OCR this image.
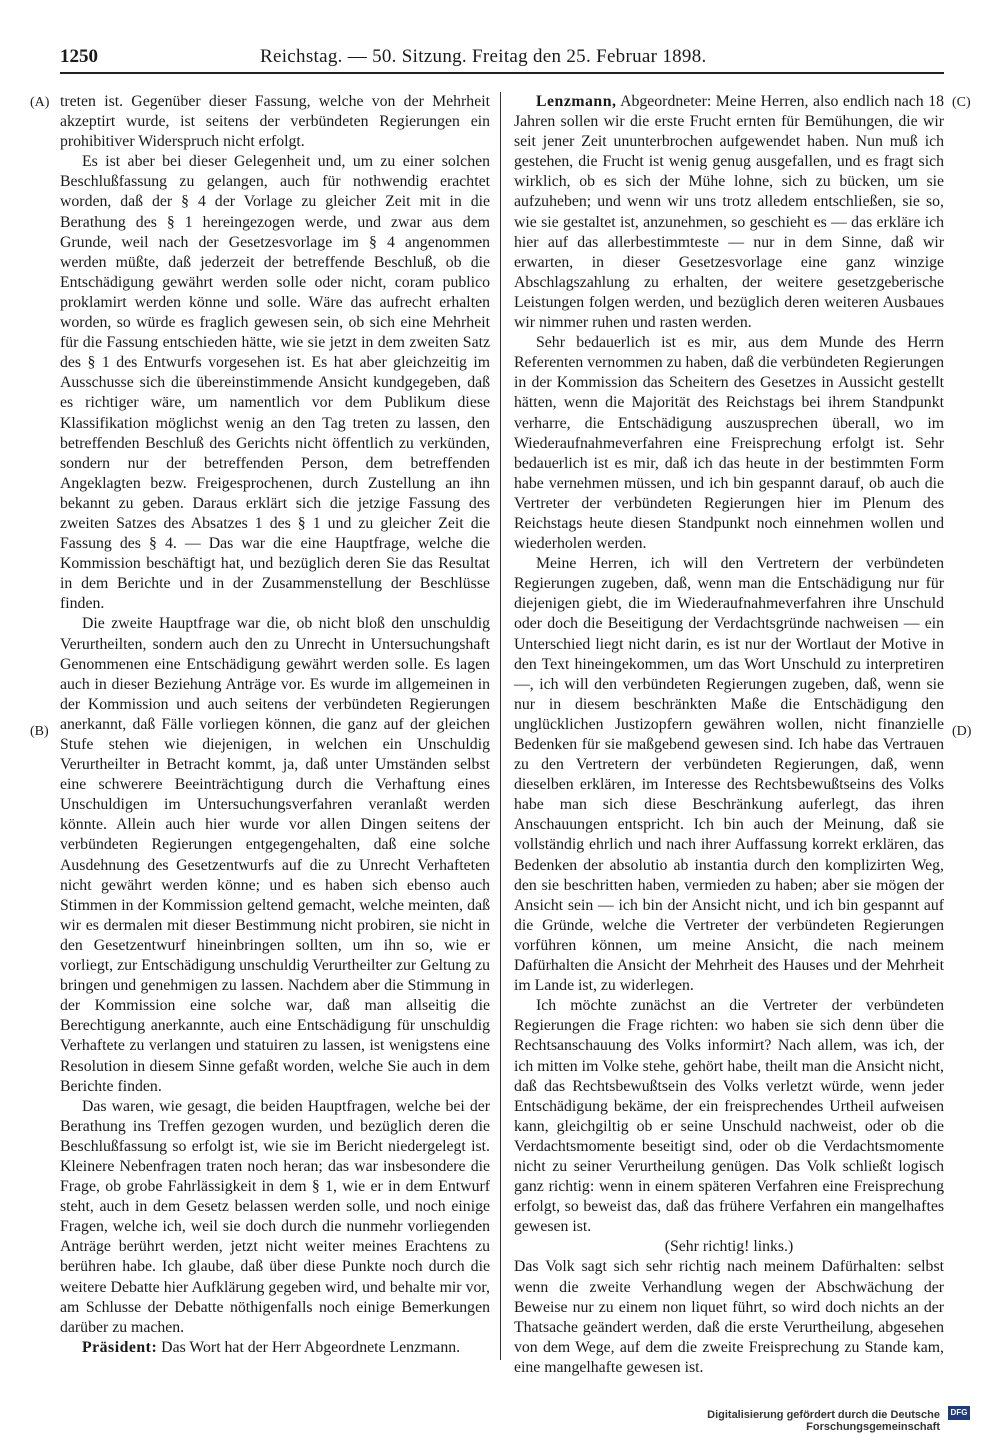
1250	Reichstag. — 50. Sitzung. Freitag den 25. Februar 1898.
(A)
(B)
(C)
(D)

treten ist. Gegenüber dieser Fassung, welche von der Mehrheit akzeptirt wurde, ist seitens der verbündeten Regierungen ein prohibitiver Widerspruch nicht erfolgt.

Es ist aber bei dieser Gelegenheit und, um zu einer solchen Beschlußfassung zu gelangen, auch für nothwendig erachtet worden, daß der § 4 der Vorlage zu gleicher Zeit mit in die Berathung des § 1 hereingezogen werde, und zwar aus dem Grunde, weil nach der Gesetzesvorlage im § 4 angenommen werden müßte, daß jederzeit der betreffende Beschluß, ob die Entschädigung gewährt werden solle oder nicht, coram publico proklamirt werden könne und solle. Wäre das aufrecht erhalten worden, so würde es fraglich gewesen sein, ob sich eine Mehrheit für die Fassung entschieden hätte, wie sie jetzt in dem zweiten Satz des § 1 des Entwurfs vorgesehen ist. Es hat aber gleichzeitig im Ausschusse sich die übereinstimmende Ansicht kundgegeben, daß es richtiger wäre, um namentlich vor dem Publikum diese Klassifikation möglichst wenig an den Tag treten zu lassen, den betreffenden Beschluß des Gerichts nicht öffentlich zu verkünden, sondern nur der betreffenden Person, dem betreffenden Angeklagten bezw. Freigesprochenen, durch Zustellung an ihn bekannt zu geben. Daraus erklärt sich die jetzige Fassung des zweiten Satzes des Absatzes 1 des § 1 und zu gleicher Zeit die Fassung des § 4. — Das war die eine Hauptfrage, welche die Kommission beschäftigt hat, und bezüglich deren Sie das Resultat in dem Berichte und in der Zusammenstellung der Beschlüsse finden.

Die zweite Hauptfrage war die, ob nicht bloß den unschuldig Verurtheilten, sondern auch den zu Unrecht in Untersuchungshaft Genommenen eine Entschädigung gewährt werden solle. Es lagen auch in dieser Beziehung Anträge vor. Es wurde im allgemeinen in der Kommission und auch seitens der verbündeten Regierungen anerkannt, daß Fälle vorliegen können, die ganz auf der gleichen Stufe stehen wie diejenigen, in welchen ein Unschuldig Verurtheilter in Betracht kommt, ja, daß unter Umständen selbst eine schwerere Beeinträchtigung durch die Verhaftung eines Unschuldigen im Untersuchungsverfahren veranlaßt werden könnte. Allein auch hier wurde vor allen Dingen seitens der verbündeten Regierungen entgegengehalten, daß eine solche Ausdehnung des Gesetzentwurfs auf die zu Unrecht Verhafteten nicht gewährt werden könne; und es haben sich ebenso auch Stimmen in der Kommission geltend gemacht, welche meinten, daß wir es dermalen mit dieser Bestimmung nicht probiren, sie nicht in den Gesetzentwurf hineinbringen sollten, um ihn so, wie er vorliegt, zur Entschädigung unschuldig Verurtheilter zur Geltung zu bringen und genehmigen zu lassen. Nachdem aber die Stimmung in der Kommission eine solche war, daß man allseitig die Berechtigung anerkannte, auch eine Entschädigung für unschuldig Verhaftete zu verlangen und statuiren zu lassen, ist wenigstens eine Resolution in diesem Sinne gefaßt worden, welche Sie auch in dem Berichte finden.

Das waren, wie gesagt, die beiden Hauptfragen, welche bei der Berathung ins Treffen gezogen wurden, und bezüglich deren die Beschlußfassung so erfolgt ist, wie sie im Bericht niedergelegt ist. Kleinere Nebenfragen traten noch heran; das war insbesondere die Frage, ob grobe Fahrlässigkeit in dem § 1, wie er in dem Entwurf steht, auch in dem Gesetz belassen werden solle, und noch einige Fragen, welche ich, weil sie doch durch die nunmehr vorliegenden Anträge berührt werden, jetzt nicht weiter meines Erachtens zu berühren habe. Ich glaube, daß über diese Punkte noch durch die weitere Debatte hier Aufklärung gegeben wird, und behalte mir vor, am Schlusse der Debatte nöthigenfalls noch einige Bemerkungen darüber zu machen.

Präsident: Das Wort hat der Herr Abgeordnete Lenzmann.

Lenzmann, Abgeordneter: Meine Herren, also endlich nach 18 Jahren sollen wir die erste Frucht ernten für Bemühungen, die wir seit jener Zeit ununterbrochen aufgewendet haben. Nun muß ich gestehen, die Frucht ist wenig genug ausgefallen, und es fragt sich wirklich, ob es sich der Mühe lohne, sich zu bücken, um sie aufzuheben; und wenn wir uns trotz alledem entschließen, sie so, wie sie gestaltet ist, anzunehmen, so geschieht es — das erkläre ich hier auf das allerbestimmteste — nur in dem Sinne, daß wir erwarten, in dieser Gesetzesvorlage eine ganz winzige Abschlagszahlung zu erhalten, der weitere gesetzgeberische Leistungen folgen werden, und bezüglich deren weiteren Ausbaues wir nimmer ruhen und rasten werden.

Sehr bedauerlich ist es mir, aus dem Munde des Herrn Referenten vernommen zu haben, daß die verbündeten Regierungen in der Kommission das Scheitern des Gesetzes in Aussicht gestellt hätten, wenn die Majorität des Reichstags bei ihrem Standpunkt verharre, die Entschädigung auszusprechen überall, wo im Wiederaufnahmeverfahren eine Freisprechung erfolgt ist. Sehr bedauerlich ist es mir, daß ich das heute in der bestimmten Form habe vernehmen müssen, und ich bin gespannt darauf, ob auch die Vertreter der verbündeten Regierungen hier im Plenum des Reichstags heute diesen Standpunkt noch einnehmen wollen und wiederholen werden.

Meine Herren, ich will den Vertretern der verbündeten Regierungen zugeben, daß, wenn man die Entschädigung nur für diejenigen giebt, die im Wiederaufnahmeverfahren ihre Unschuld oder doch die Beseitigung der Verdachtsgründe nachweisen — ein Unterschied liegt nicht darin, es ist nur der Wortlaut der Motive in den Text hineingekommen, um das Wort Unschuld zu interpretiren —, ich will den verbündeten Regierungen zugeben, daß, wenn sie nur in diesem beschränkten Maße die Entschädigung den unglücklichen Justizopfern gewähren wollen, nicht finanzielle Bedenken für sie maßgebend gewesen sind. Ich habe das Vertrauen zu den Vertretern der verbündeten Regierungen, daß, wenn dieselben erklären, im Interesse des Rechtsbewußtseins des Volks habe man sich diese Beschränkung auferlegt, das ihren Anschauungen entspricht. Ich bin auch der Meinung, daß sie vollständig ehrlich und nach ihrer Auffassung korrekt erklären, das Bedenken der absolutio ab instantia durch den komplizirten Weg, den sie beschritten haben, vermieden zu haben; aber sie mögen der Ansicht sein — ich bin der Ansicht nicht, und ich bin gespannt auf die Gründe, welche die Vertreter der verbündeten Regierungen vorführen können, um meine Ansicht, die nach meinem Dafürhalten die Ansicht der Mehrheit des Hauses und der Mehrheit im Lande ist, zu widerlegen.

Ich möchte zunächst an die Vertreter der verbündeten Regierungen die Frage richten: wo haben sie sich denn über die Rechtsanschauung des Volks informirt? Nach allem, was ich, der ich mitten im Volke stehe, gehört habe, theilt man die Ansicht nicht, daß das Rechtsbewußtsein des Volks verletzt würde, wenn jeder Entschädigung bekäme, der ein freisprechendes Urtheil aufweisen kann, gleichgiltig ob er seine Unschuld nachweist, oder ob die Verdachtsmomente beseitigt sind, oder ob die Verdachtsmomente nicht zu seiner Verurtheilung genügen. Das Volk schließt logisch ganz richtig: wenn in einem späteren Verfahren eine Freisprechung erfolgt, so beweist das, daß das frühere Verfahren ein mangelhaftes gewesen ist.

(Sehr richtig! links.)

Das Volk sagt sich sehr richtig nach meinem Dafürhalten: selbst wenn die zweite Verhandlung wegen der Abschwächung der Beweise nur zu einem non liquet führt, so wird doch nichts an der Thatsache geändert werden, daß die erste Verurtheilung, abgesehen von dem Wege, auf dem die zweite Freisprechung zu Stande kam, eine mangelhafte gewesen ist.

Digitalisierung gefördert durch die Deutsche Forschungsgemeinschaft
DFG
